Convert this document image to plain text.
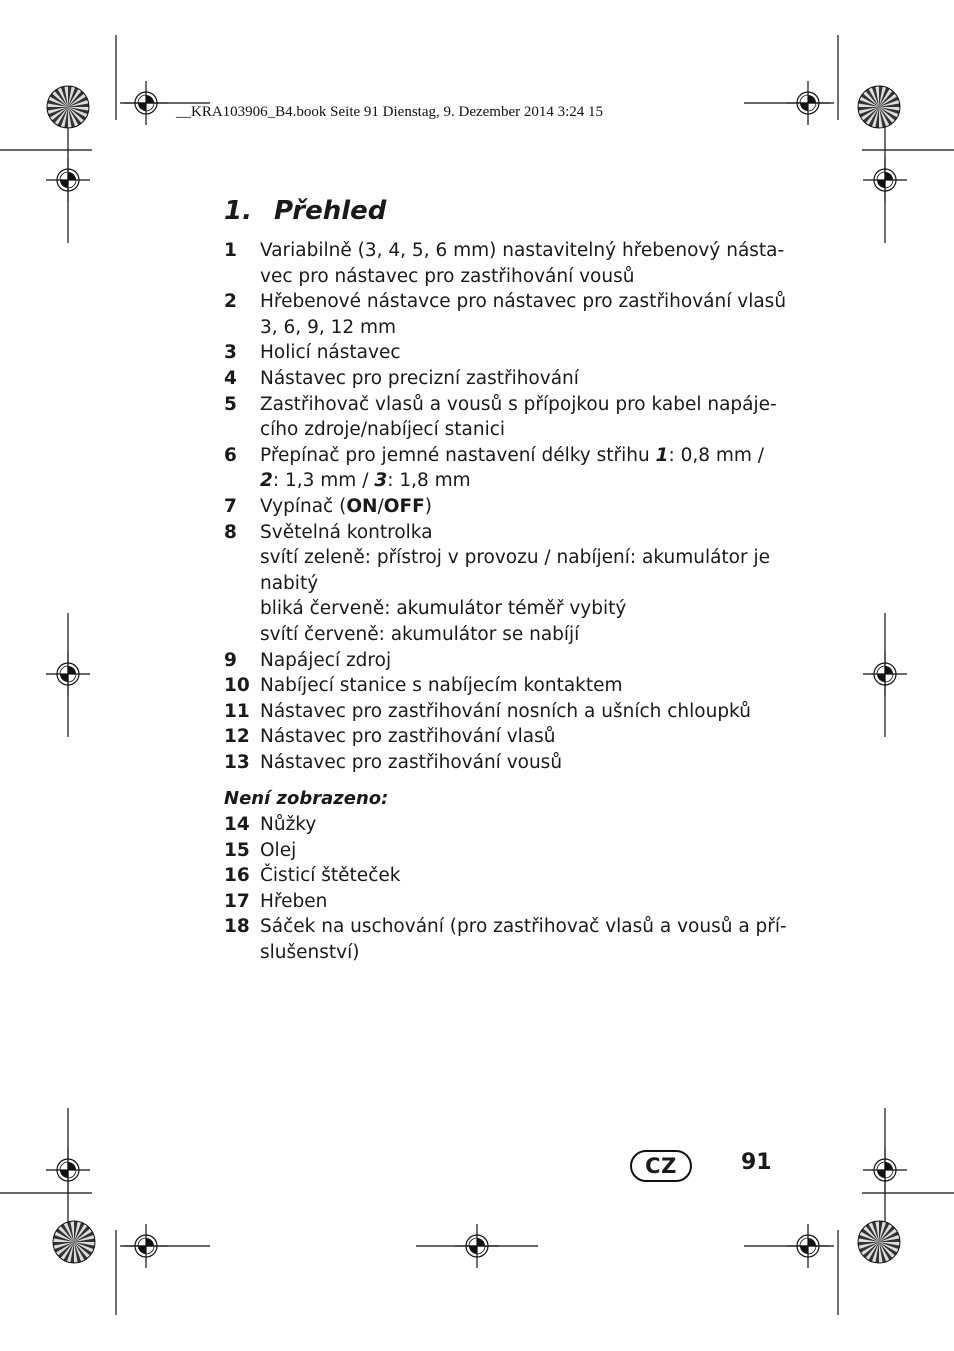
__KRA103906_B4.book Seite 91 Dienstag, 9. Dezember 2014 3:24 15
1. Přehled
1 Variabilně (3, 4, 5, 6 mm) nastavitelný hřebenový násta-
vec pro nástavec pro zastřihování vousů
2 Hřebenové nástavce pro nástavec pro zastřihování vlasů
3, 6, 9, 12 mm
3 Holicí nástavec
4 Nástavec pro precizní zastřihování
5 Zastřihovač vlasů a vousů s přípojkou pro kabel napáje-
cího zdroje/nabíjecí stanici
6 Přepínač pro jemné nastavení délky střihu 1: 0,8 mm /
2: 1,3 mm / 3: 1,8 mm
7 Vypínač (ON/OFF)
8 Světelná kontrolka
svítí zeleně: přístroj v provozu / nabíjení: akumulátor je
nabitý
bliká červeně: akumulátor téměř vybitý
svítí červeně: akumulátor se nabíjí
9 Napájecí zdroj
10 Nabíjecí stanice s nabíjecím kontaktem
11 Nástavec pro zastřihování nosních a ušních chloupků
12 Nástavec pro zastřihování vlasů
13 Nástavec pro zastřihování vousů
Není zobrazeno:
14 Nůžky
15 Olej
16 Čisticí štěteček
17 Hřeben
18 Sáček na uschování (pro zastřihovač vlasů a vousů a pří-
slušenství)
CZ	91
